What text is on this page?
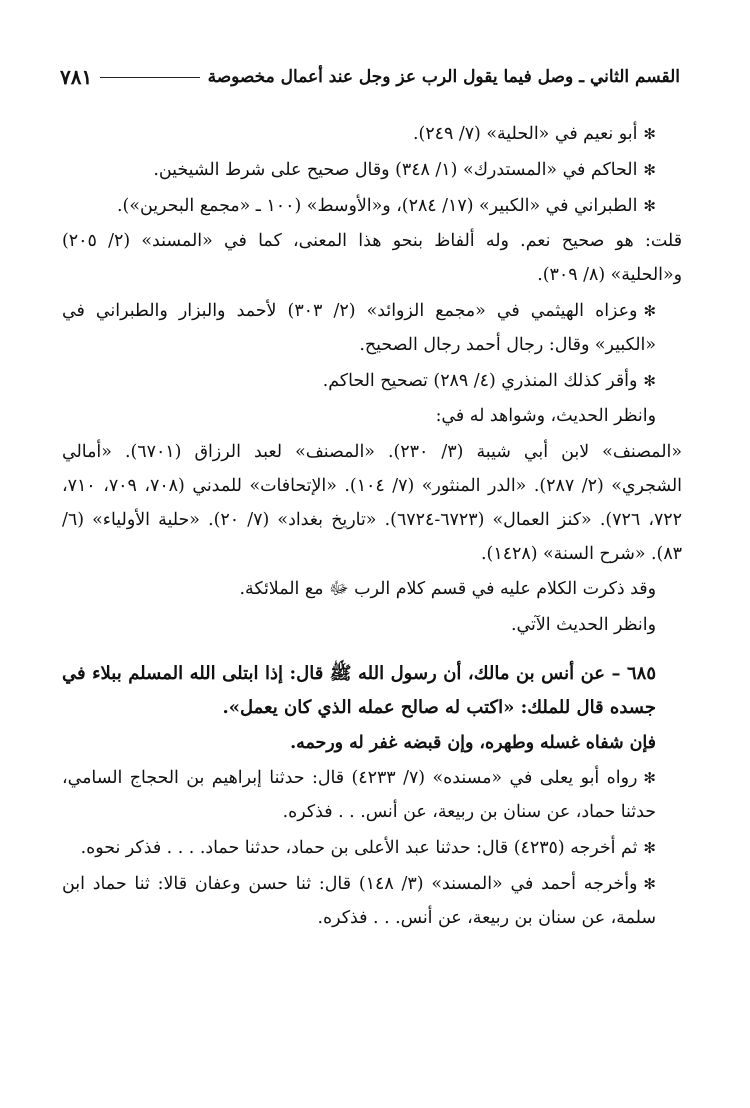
القسم الثاني ـ وصل فيما يقول الرب عز وجل عند أعمال مخصوصة
٧٨١

✻أبو نعيم في «الحلية» (٧/ ٢٤٩).

✻الحاكم في «المستدرك» (١/ ٣٤٨) وقال صحيح على شرط الشيخين.

✻الطبراني في «الكبير» (١٧/ ٢٨٤)، و«الأوسط» (١٠٠ ـ «مجمع البحرين»).

قلت: هو صحيح نعم. وله ألفاظ بنحو هذا المعنى، كما في «المسند» (٢/ ٢٠٥) و«الحلية» (٨/ ٣٠٩).

✻وعزاه الهيثمي في «مجمع الزوائد» (٢/ ٣٠٣) لأحمد والبزار والطبراني في «الكبير» وقال: رجال أحمد رجال الصحيح.

✻وأقر كذلك المنذري (٤/ ٢٨٩) تصحيح الحاكم.

وانظر الحديث، وشواهد له في:

«المصنف» لابن أبي شيبة (٣/ ٢٣٠). «المصنف» لعبد الرزاق (٦٧٠١). «أمالي الشجري» (٢/ ٢٨٧). «الدر المنثور» (٧/ ١٠٤). «الإتحافات» للمدني (٧٠٨، ٧٠٩، ٧١٠، ٧٢٢، ٧٢٦). «كنز العمال» (٦٧٢٣-٦٧٢٤). «تاريخ بغداد» (٧/ ٢٠). «حلية الأولياء» (٦/ ٨٣). «شرح السنة» (١٤٢٨).

وقد ذكرت الكلام عليه في قسم كلام الرب ﷻ مع الملائكة.

وانظر الحديث الآتي.

٦٨٥ – عن أنس بن مالك، أن رسول الله ﷺ قال: إذا ابتلى الله المسلم ببلاء في جسده قال للملك: «اكتب له صالح عمله الذي كان يعمل».

فإن شفاه غسله وطهره، وإن قبضه غفر له ورحمه.

✻رواه أبو يعلى في «مسنده» (٧/ ٤٢٣٣) قال: حدثنا إبراهيم بن الحجاج السامي، حدثنا حماد، عن سنان بن ربيعة، عن أنس. . . فذكره.

✻ثم أخرجه (٤٢٣٥) قال: حدثنا عبد الأعلى بن حماد، حدثنا حماد. . . . فذكر نحوه.

✻وأخرجه أحمد في «المسند» (٣/ ١٤٨) قال: ثنا حسن وعفان قالا: ثنا حماد ابن سلمة، عن سنان بن ربيعة، عن أنس. . . فذكره.
